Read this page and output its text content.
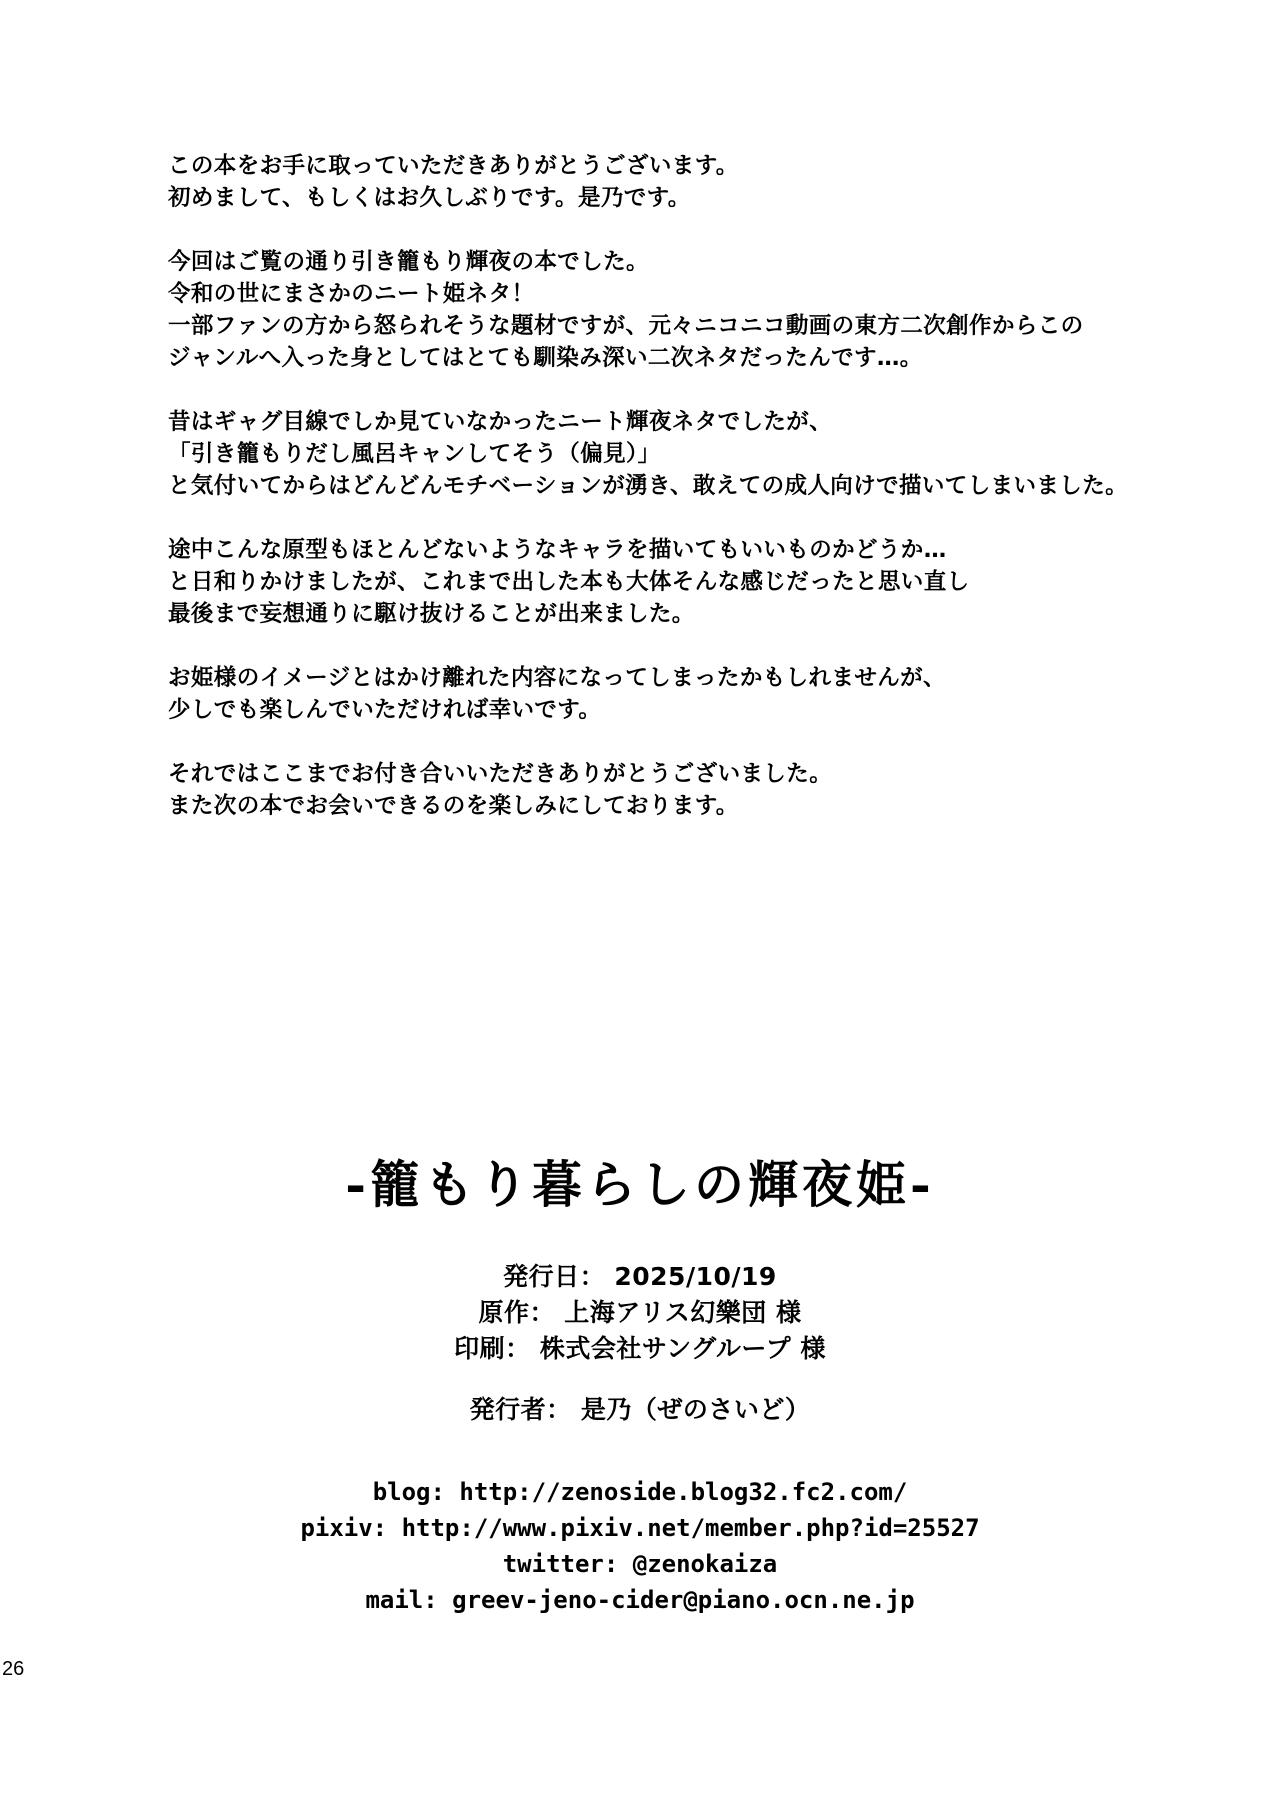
この本をお手に取っていただきありがとうございます。
初めまして、もしくはお久しぶりです。是乃です。
今回はご覧の通り引き籠もり輝夜の本でした。
令和の世にまさかのニート姫ネタ！
一部ファンの方から怒られそうな題材ですが、元々ニコニコ動画の東方二次創作からこの
ジャンルへ入った身としてはとても馴染み深い二次ネタだったんです…。
昔はギャグ目線でしか見ていなかったニート輝夜ネタでしたが、
「引き籠もりだし風呂キャンしてそう（偏見）」
と気付いてからはどんどんモチベーションが湧き、敢えての成人向けで描いてしまいました。
途中こんな原型もほとんどないようなキャラを描いてもいいものかどうか…
と日和りかけましたが、これまで出した本も大体そんな感じだったと思い直し
最後まで妄想通りに駆け抜けることが出来ました。
お姫様のイメージとはかけ離れた内容になってしまったかもしれませんが、
少しでも楽しんでいただければ幸いです。
それではここまでお付き合いいただきありがとうございました。
また次の本でお会いできるのを楽しみにしております。
-籠もり暮らしの輝夜姫-
発行日： 2025/10/19
原作： 上海アリス幻樂団 様
印刷： 株式会社サングループ 様
発行者： 是乃（ぜのさいど）
blog: http://zenoside.blog32.fc2.com/
pixiv: http://www.pixiv.net/member.php?id=25527
twitter: @zenokaiza
mail: greev-jeno-cider@piano.ocn.ne.jp
26
